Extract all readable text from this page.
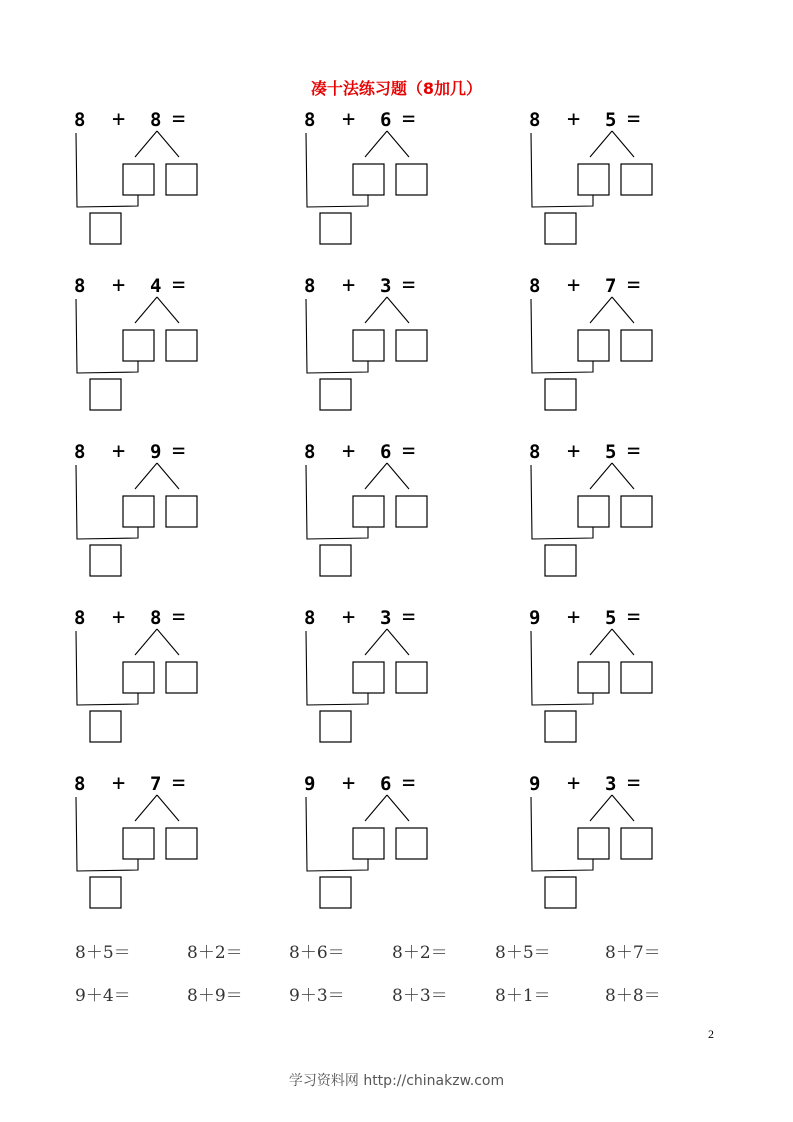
凑十法练习题（8加几）
8 + 8 =	8 + 6 =	8 + 5 =
8 + 4 =	8 + 3 =	8 + 7 =
8 + 9 =	8 + 6 =	8 + 5 =
8 + 8 =	8 + 3 =	9 + 5 =
8 + 7 =	9 + 6 =	9 + 3 =
8＋5＝	8＋2＝	8＋6＝	8＋2＝	8＋5＝	8＋7＝
9＋4＝	8＋9＝	9＋3＝	8＋3＝	8＋1＝	8＋8＝
2
学习资料网 http://chinakzw.com
